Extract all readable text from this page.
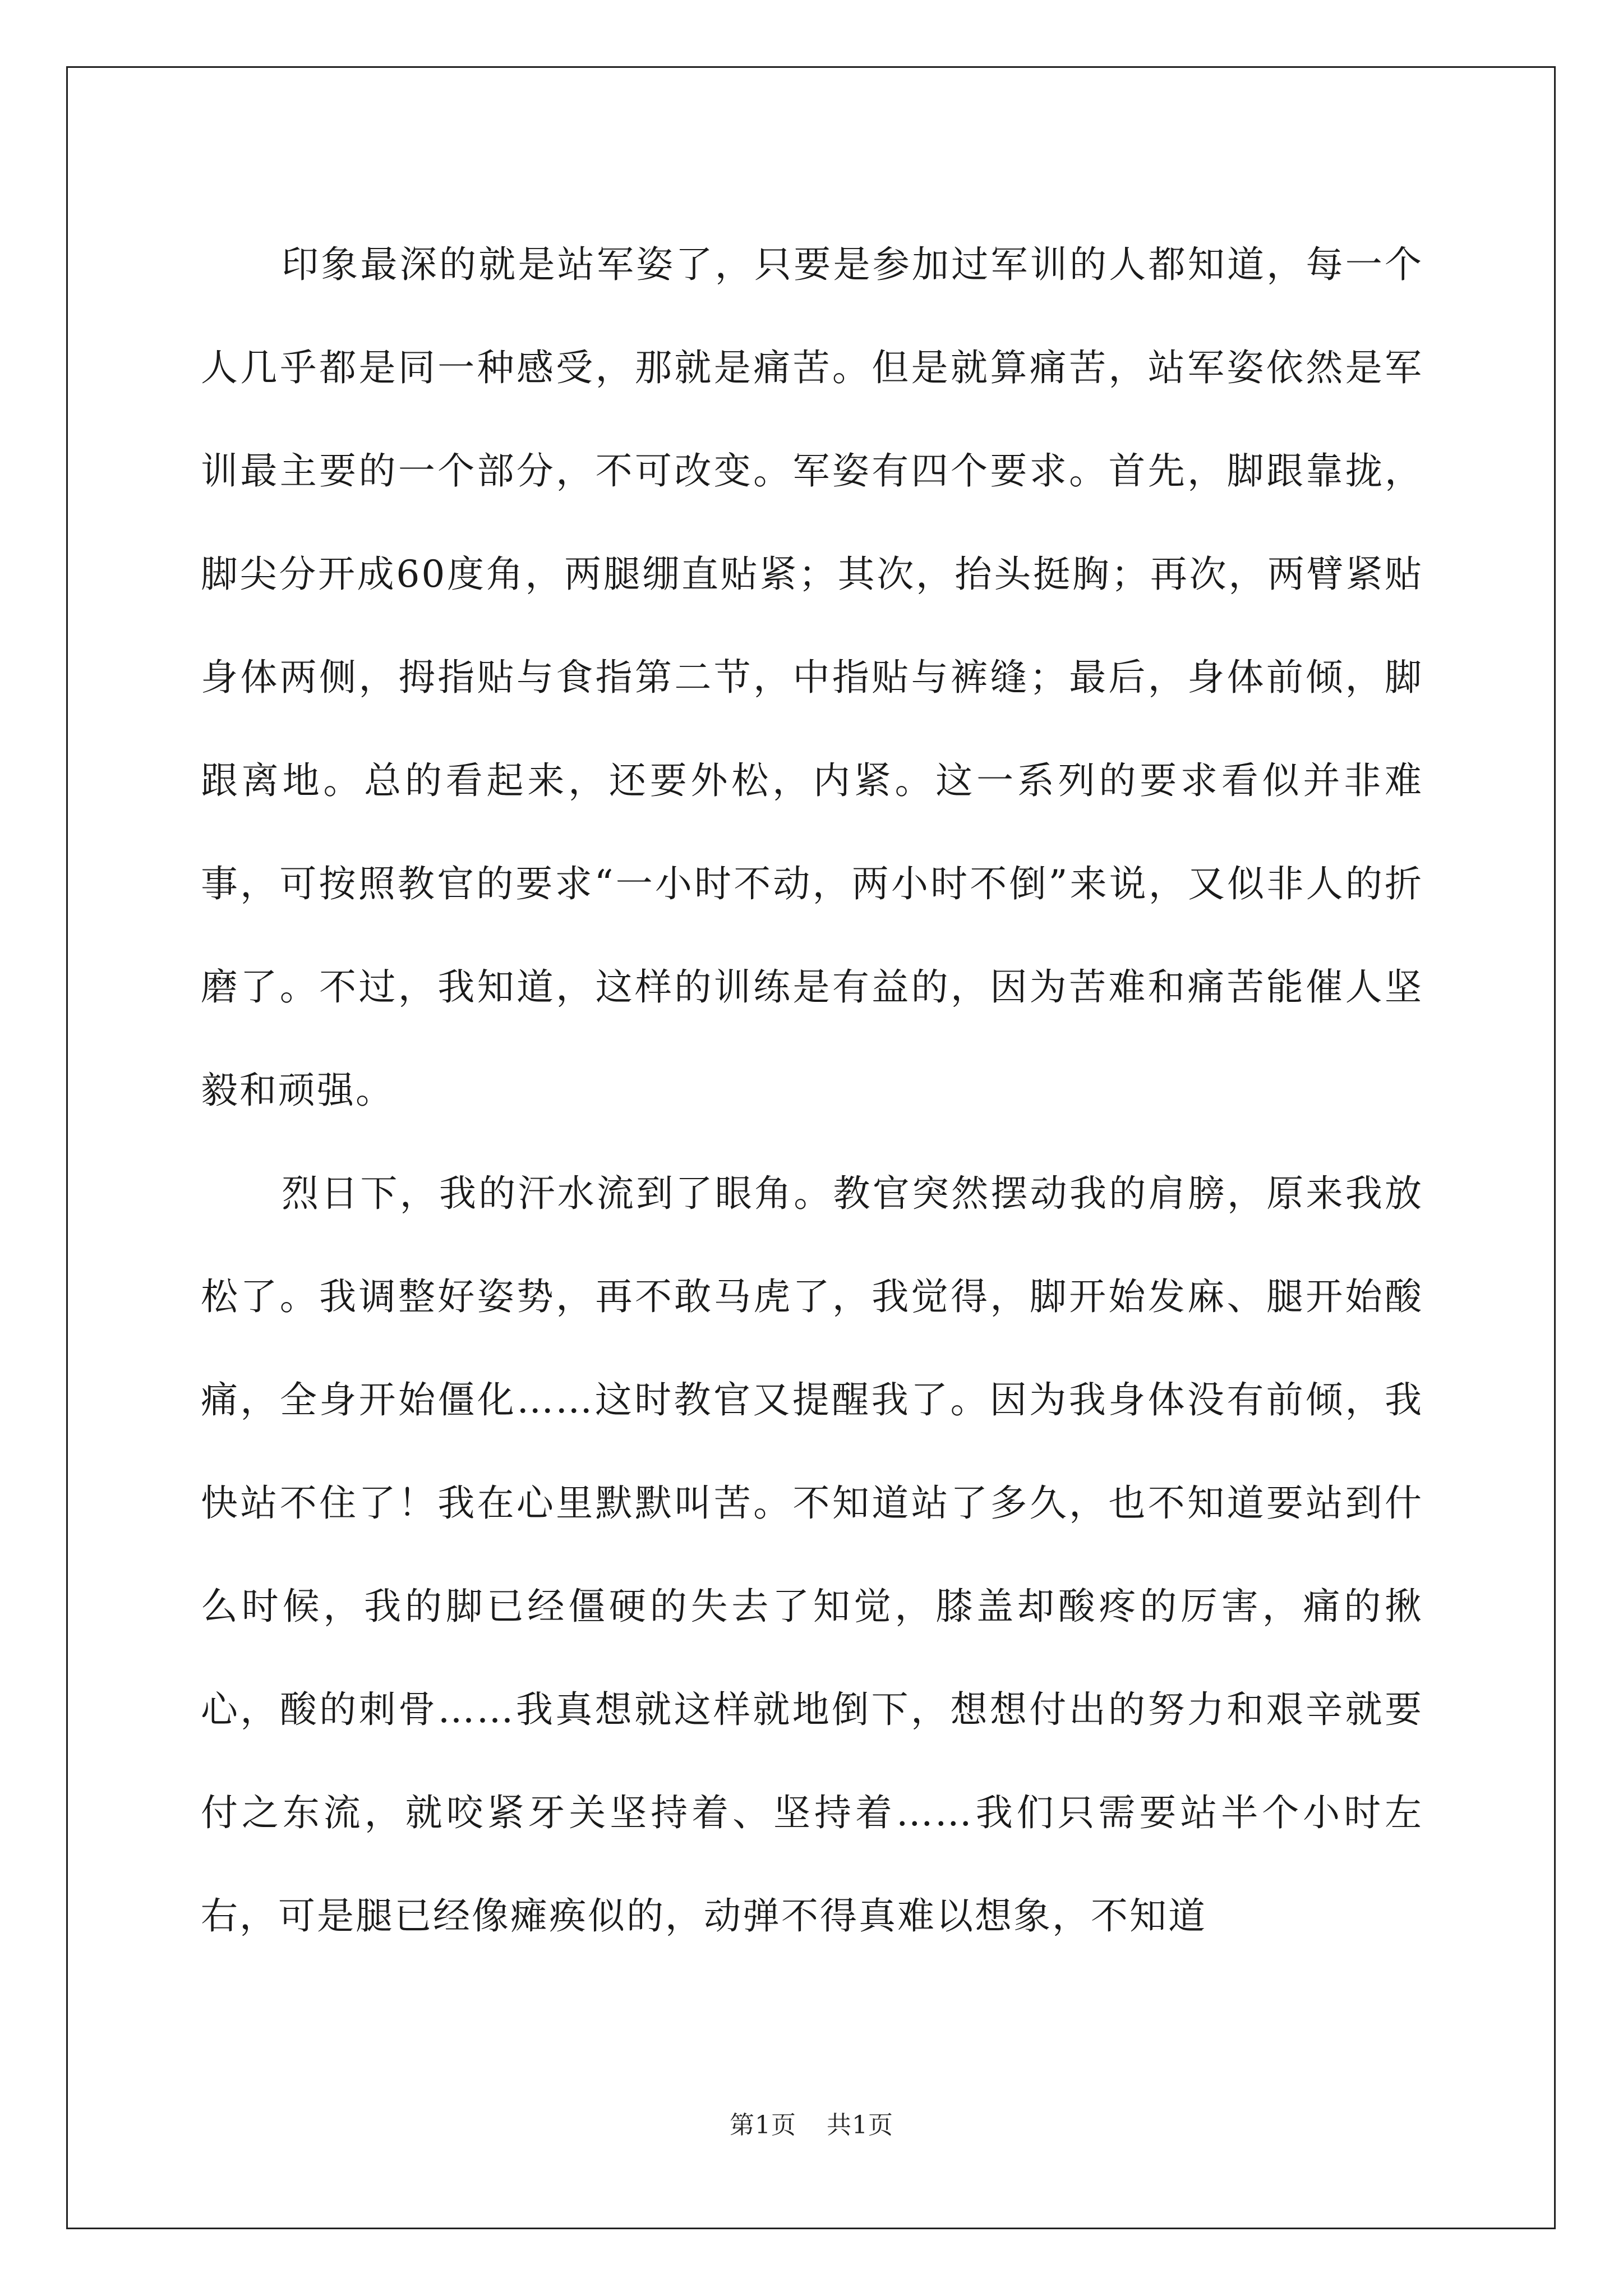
印象最深的就是站军姿了，只要是参加过军训的人都知道，每一个人几乎都是同一种感受，那就是痛苦。但是就算痛苦，站军姿依然是军训最主要的一个部分，不可改变。军姿有四个要求。首先，脚跟靠拢，脚尖分开成60度角，两腿绷直贴紧；其次，抬头挺胸；再次，两臂紧贴身体两侧，拇指贴与食指第二节，中指贴与裤缝；最后，身体前倾，脚跟离地。总的看起来，还要外松，内紧。这一系列的要求看似并非难事，可按照教官的要求“一小时不动，两小时不倒”来说，又似非人的折磨了。不过，我知道，这样的训练是有益的，因为苦难和痛苦能催人坚毅和顽强。

烈日下，我的汗水流到了眼角。教官突然摆动我的肩膀，原来我放松了。我调整好姿势，再不敢马虎了，我觉得，脚开始发麻、腿开始酸痛，全身开始僵化……这时教官又提醒我了。因为我身体没有前倾，我快站不住了！我在心里默默叫苦。不知道站了多久，也不知道要站到什么时候，我的脚已经僵硬的失去了知觉，膝盖却酸疼的厉害，痛的揪心，酸的刺骨……我真想就这样就地倒下，想想付出的努力和艰辛就要付之东流，就咬紧牙关坚持着、坚持着……我们只需要站半个小时左右，可是腿已经像瘫痪似的，动弹不得真难以想象，不知道

第1页 共1页
